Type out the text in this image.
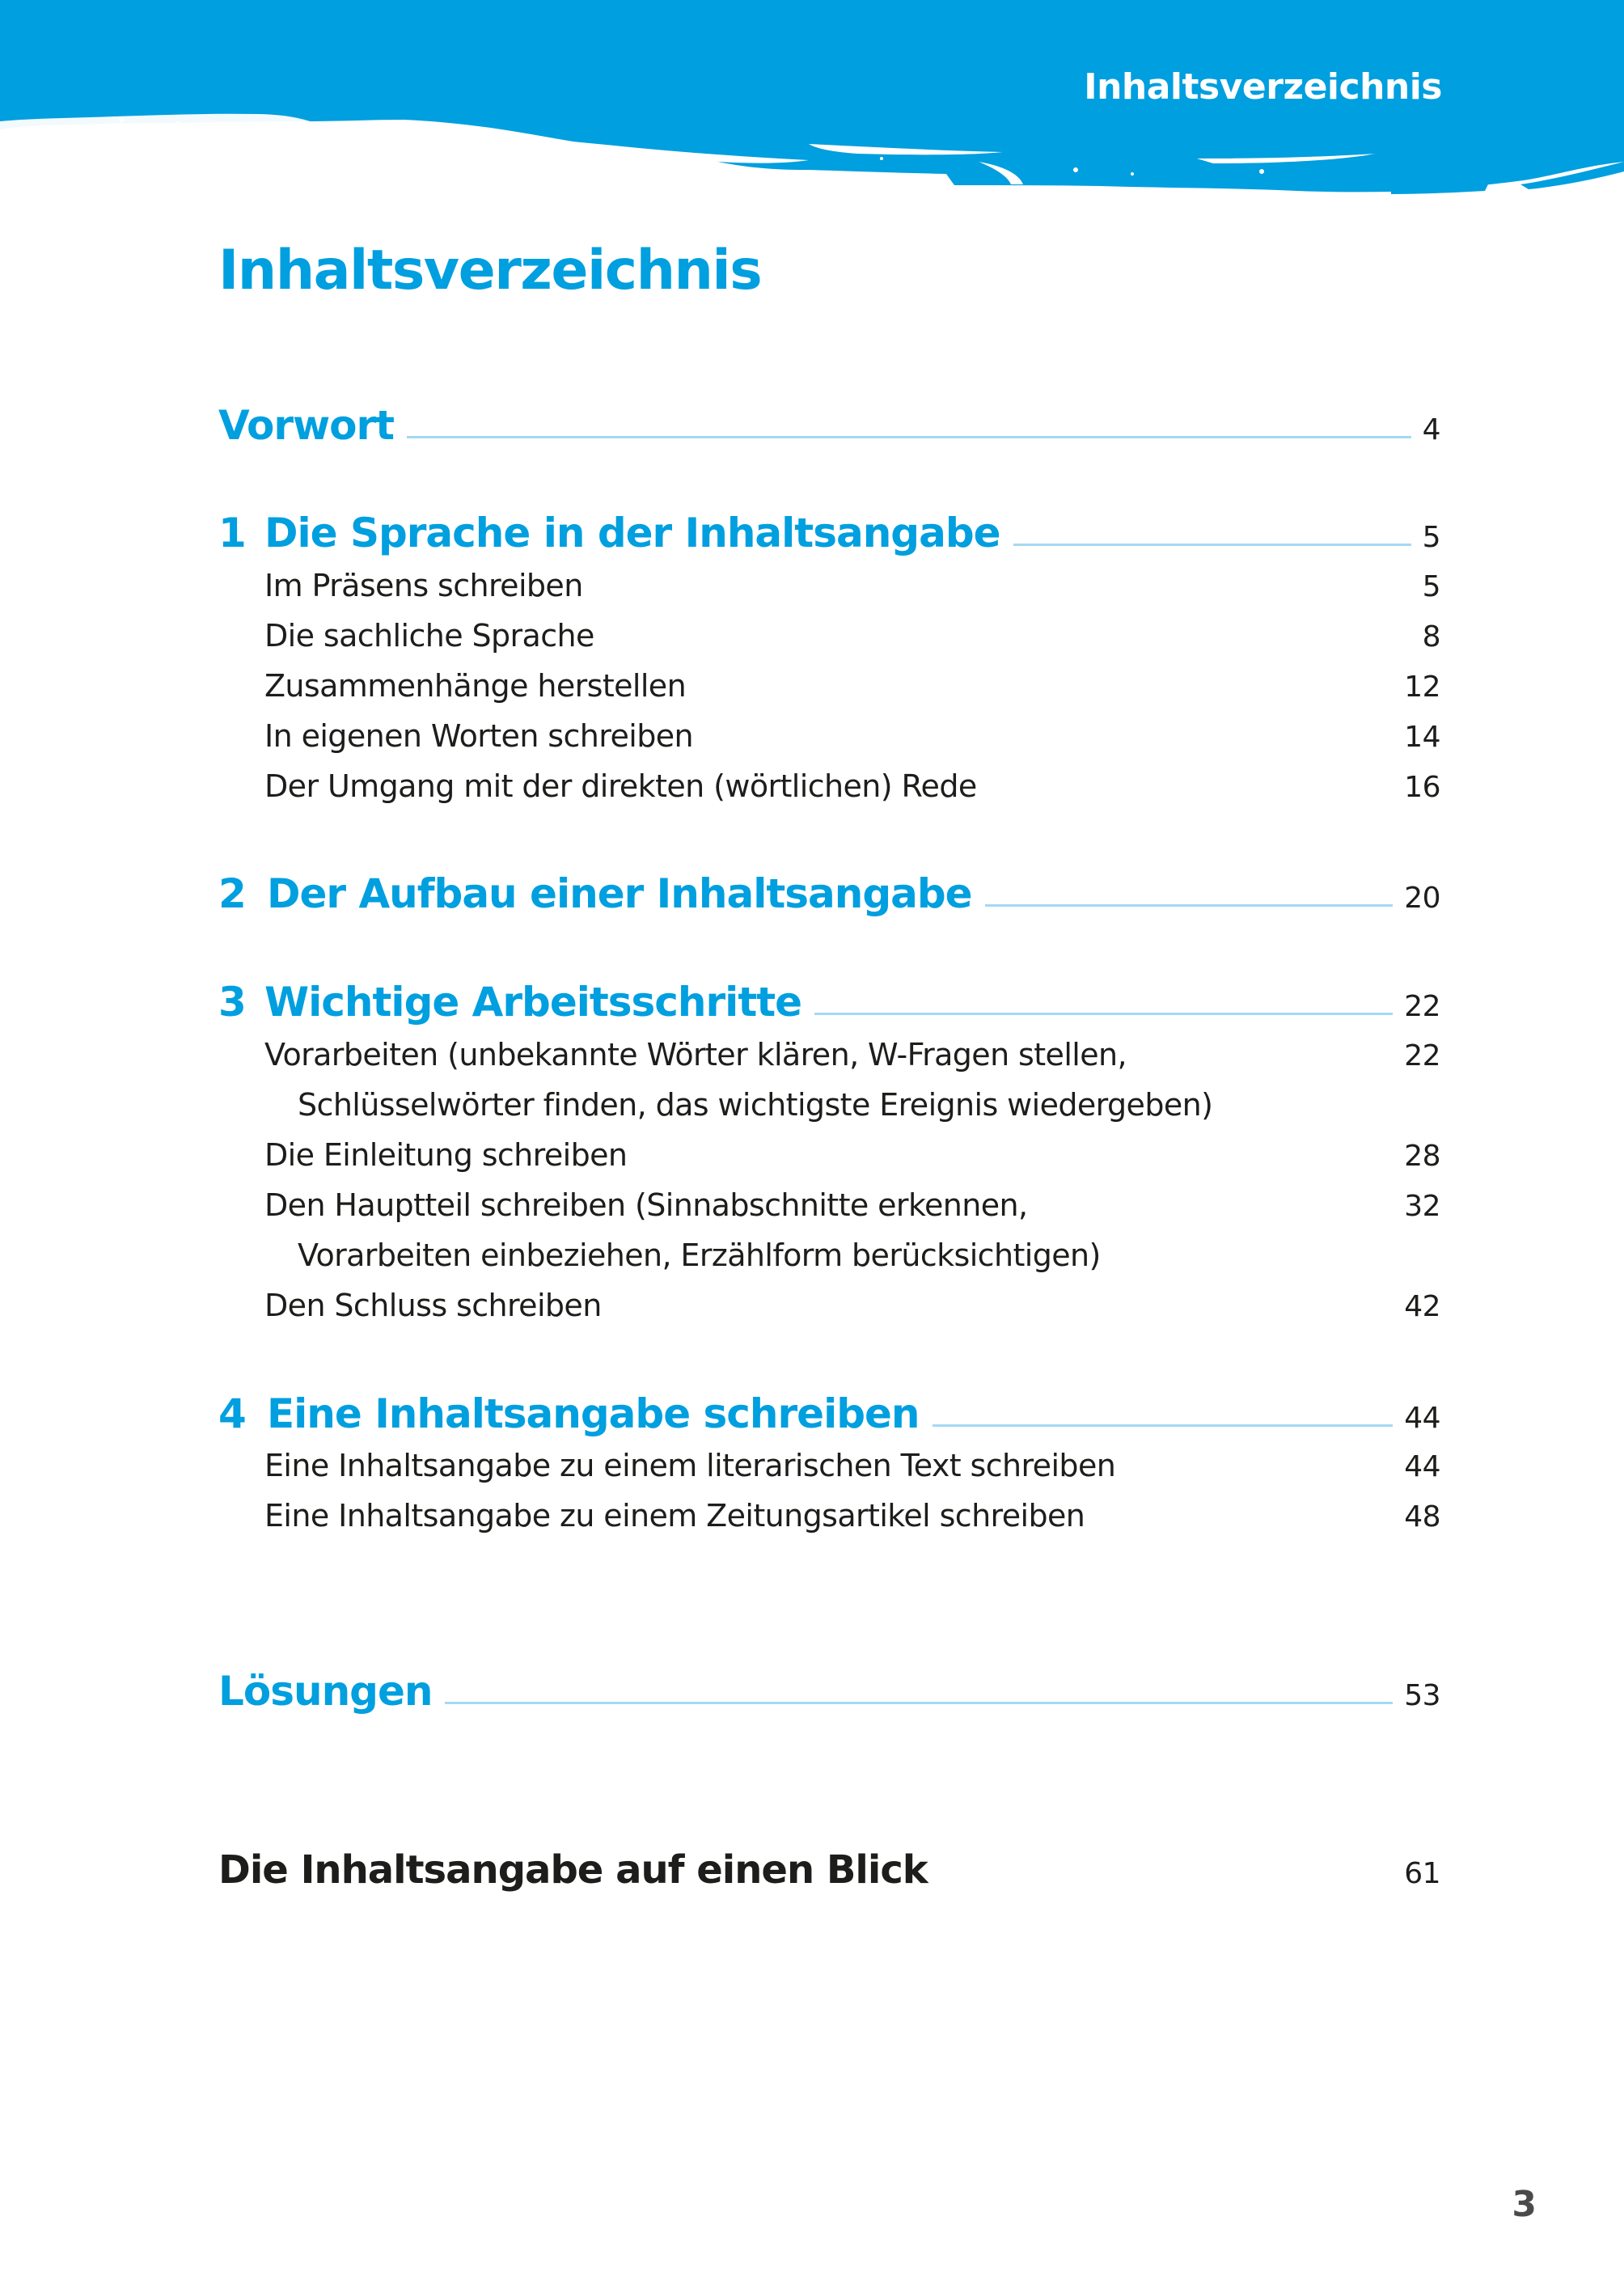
Inhaltsverzeichnis
Inhaltsverzeichnis
Vorwort	4
1 Die Sprache in der Inhaltsangabe	5
Im Präsens schreiben	5
Die sachliche Sprache	8
Zusammenhänge herstellen	12
In eigenen Worten schreiben	14
Der Umgang mit der direkten (wörtlichen) Rede	16
2 Der Aufbau einer Inhaltsangabe	20
3 Wichtige Arbeitsschritte	22
Vorarbeiten (unbekannte Wörter klären, W-Fragen stellen,	22
Schlüsselwörter finden, das wichtigste Ereignis wiedergeben)
Die Einleitung schreiben	28
Den Hauptteil schreiben (Sinnabschnitte erkennen,	32
Vorarbeiten einbeziehen, Erzählform berücksichtigen)
Den Schluss schreiben	42
4 Eine Inhaltsangabe schreiben	44
Eine Inhaltsangabe zu einem literarischen Text schreiben	44
Eine Inhaltsangabe zu einem Zeitungsartikel schreiben	48
Lösungen	53
Die Inhaltsangabe auf einen Blick	61
3
